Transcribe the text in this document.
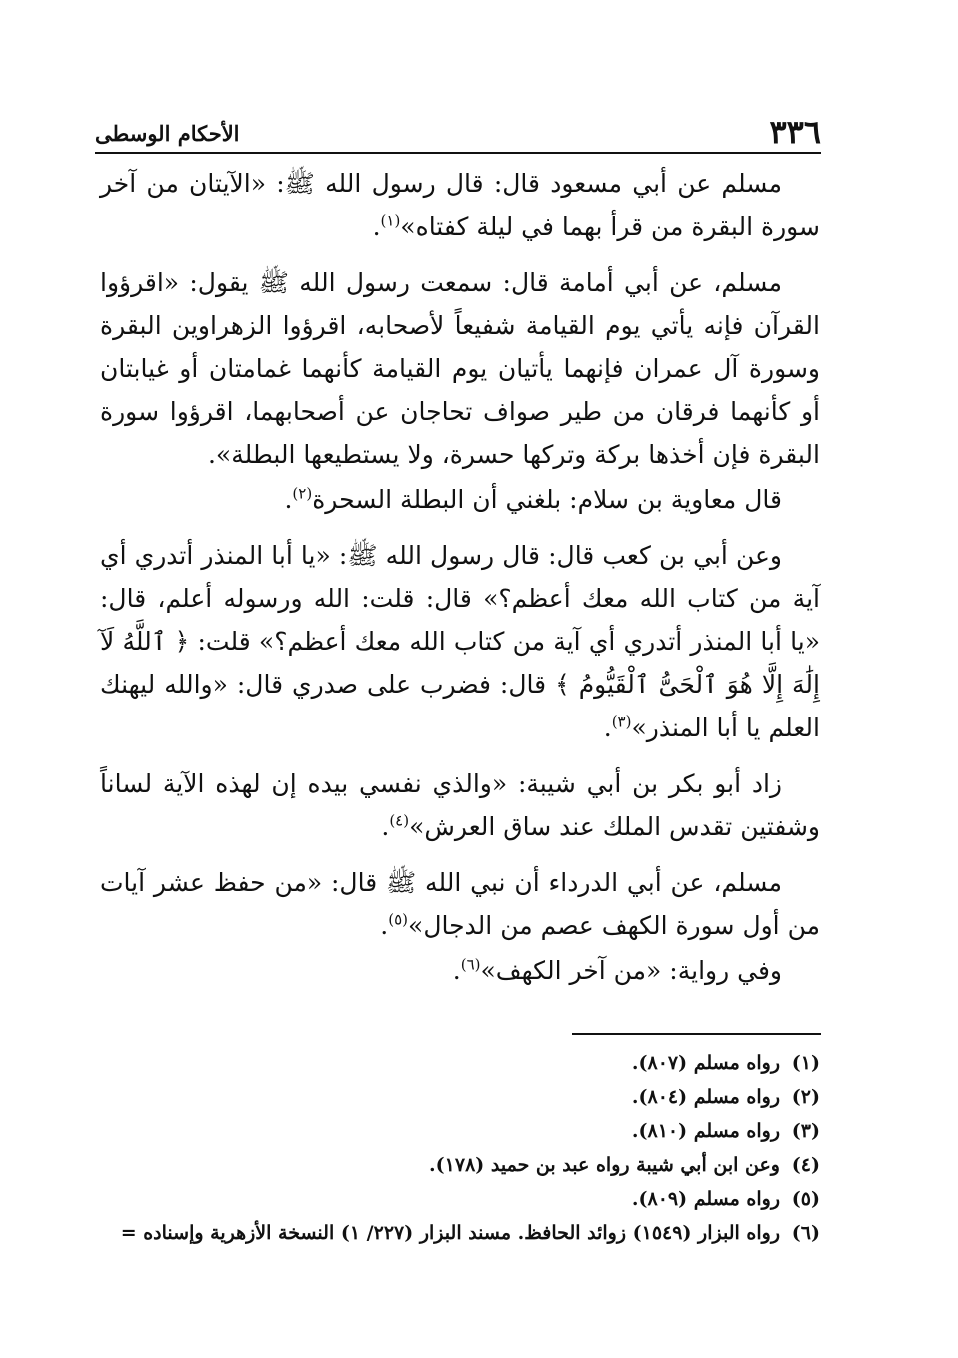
٣٣٦
الأحكام الوسطى

مسلم عن أبي مسعود قال: قال رسول الله ﷺ: «الآيتان من آخر سورة البقرة من قرأ بهما في ليلة كفتاه»$^{(١)}$.

مسلم، عن أبي أمامة قال: سمعت رسول الله ﷺ يقول: «اقرؤوا القرآن فإنه يأتي يوم القيامة شفيعاً لأصحابه، اقرؤوا الزهراوين البقرة وسورة آل عمران فإنهما يأتيان يوم القيامة كأنهما غمامتان أو غيابتان أو كأنهما فرقان من طير صواف تحاجان عن أصحابهما، اقرؤوا سورة البقرة فإن أخذها بركة وتركها حسرة، ولا يستطيعها البطلة».

قال معاوية بن سلام: بلغني أن البطلة السحرة$^{(٢)}$.

وعن أبي بن كعب قال: قال رسول الله ﷺ: «يا أبا المنذر أتدري أي آية من كتاب الله معك أعظم؟» قال: قلت: الله ورسوله أعلم، قال: «يا أبا المنذر أتدري أي آية من كتاب الله معك أعظم؟» قلت: ﴿ ٱللَّهُ لَآ إِلَٰهَ إِلَّا هُوَ ٱلْحَىُّ ٱلْقَيُّومُ ﴾ قال: فضرب على صدري قال: «والله ليهنك العلم يا أبا المنذر»$^{(٣)}$.

زاد أبو بكر بن أبي شيبة: «والذي نفسي بيده إن لهذه الآية لساناً وشفتين تقدس الملك عند ساق العرش»$^{(٤)}$.

مسلم، عن أبي الدرداء أن نبي الله ﷺ قال: «من حفظ عشر آيات من أول سورة الكهف عصم من الدجال»$^{(٥)}$.

وفي رواية: «من آخر الكهف»$^{(٦)}$.

(١)رواه مسلم (٨٠٧).
(٢)رواه مسلم (٨٠٤).
(٣)رواه مسلم (٨١٠).
(٤)وعن ابن أبي شيبة رواه عبد بن حميد (١٧٨).
(٥)رواه مسلم (٨٠٩).
(٦)رواه البزار (١٥٤٩) زوائد الحافظ. مسند البزار (٢٢٧/ ١) النسخة الأزهرية وإسناده =
